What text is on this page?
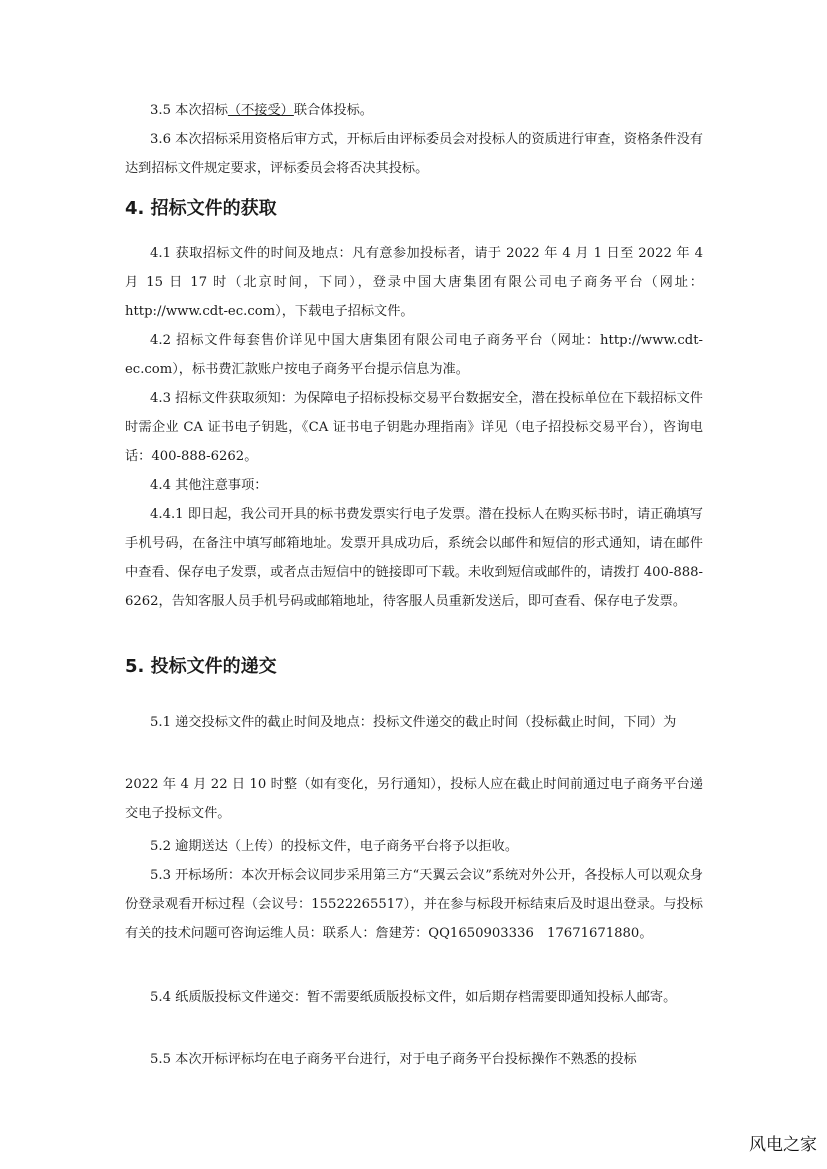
3.5 本次招标（不接受）联合体投标。

3.6 本次招标采用资格后审方式，开标后由评标委员会对投标人的资质进行审查，资格条件没有达到招标文件规定要求，评标委员会将否决其投标。

4. 招标文件的获取

4.1 获取招标文件的时间及地点：凡有意参加投标者，请于 2022 年 4 月 1 日至 2022 年 4 月 15 日 17 时（北京时间，下同），登录中国大唐集团有限公司电子商务平台（网址：http://www.cdt-ec.com），下载电子招标文件。

4.2 招标文件每套售价详见中国大唐集团有限公司电子商务平台（网址：http://www.cdt-ec.com），标书费汇款账户按电子商务平台提示信息为准。

4.3 招标文件获取须知：为保障电子招标投标交易平台数据安全，潜在投标单位在下载招标文件时需企业 CA 证书电子钥匙，《CA 证书电子钥匙办理指南》详见（电子招投标交易平台），咨询电话：400-888-6262。

4.4 其他注意事项：

4.4.1 即日起，我公司开具的标书费发票实行电子发票。潜在投标人在购买标书时，请正确填写手机号码，在备注中填写邮箱地址。发票开具成功后，系统会以邮件和短信的形式通知，请在邮件中查看、保存电子发票，或者点击短信中的链接即可下载。未收到短信或邮件的，请拨打 400-888-6262，告知客服人员手机号码或邮箱地址，待客服人员重新发送后，即可查看、保存电子发票。

5. 投标文件的递交

5.1 递交投标文件的截止时间及地点：投标文件递交的截止时间（投标截止时间，下同）为

2022 年 4 月 22 日 10 时整（如有变化，另行通知），投标人应在截止时间前通过电子商务平台递交电子投标文件。

5.2 逾期送达（上传）的投标文件，电子商务平台将予以拒收。

5.3 开标场所：本次开标会议同步采用第三方“天翼云会议”系统对外公开，各投标人可以观众身份登录观看开标过程（会议号：15522265517），并在参与标段开标结束后及时退出登录。与投标有关的技术问题可咨询运维人员：联系人：詹建芳：QQ1650903336　17671671880。

5.4 纸质版投标文件递交：暂不需要纸质版投标文件，如后期存档需要即通知投标人邮寄。

5.5 本次开标评标均在电子商务平台进行，对于电子商务平台投标操作不熟悉的投标

风电之家
